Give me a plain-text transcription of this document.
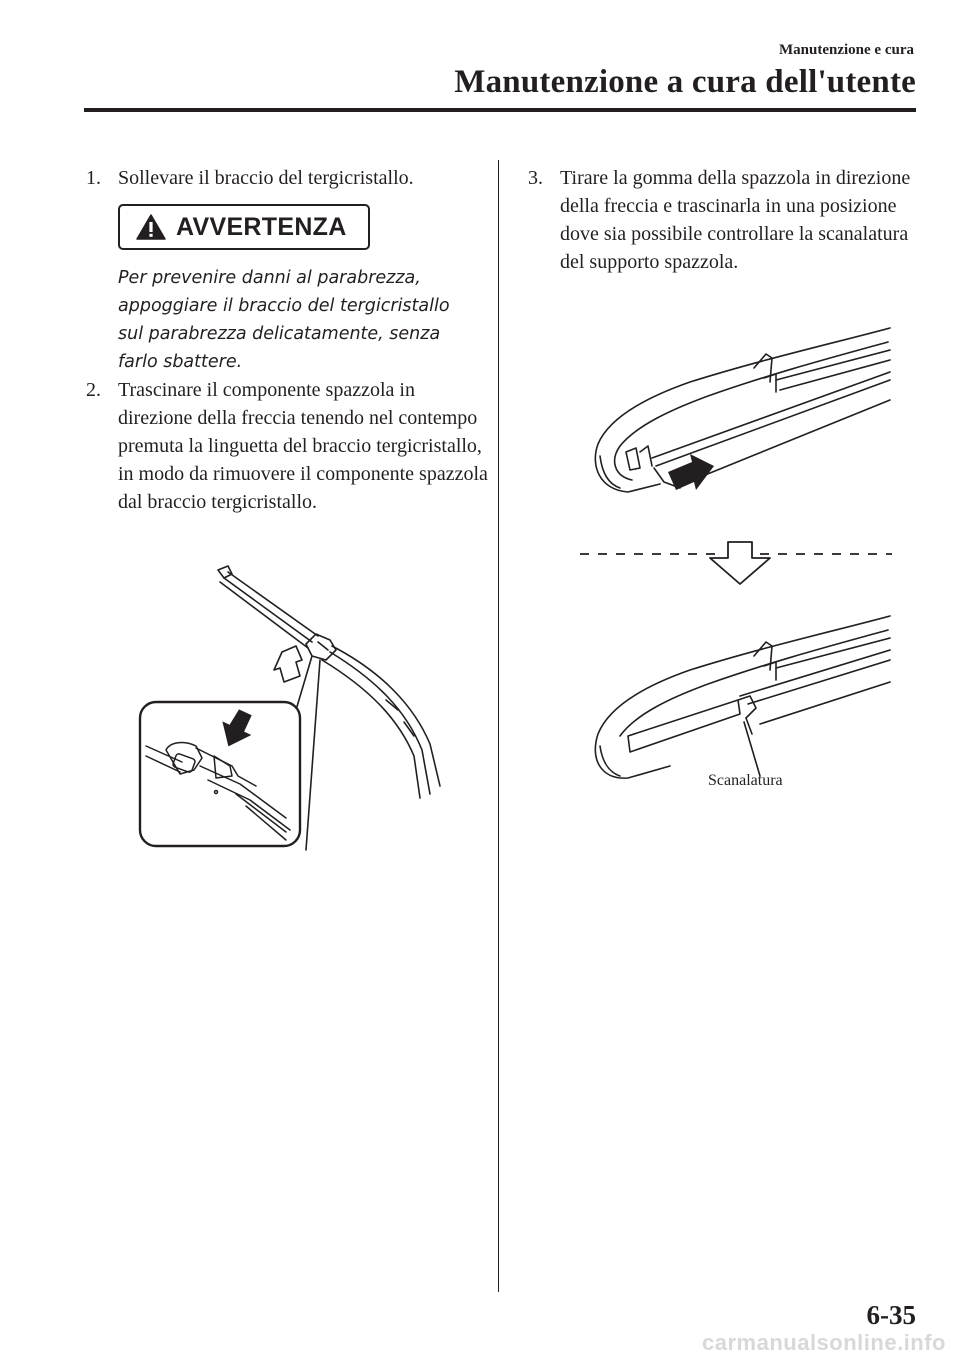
Manutenzione e cura
Manutenzione a cura dell'utente
1. Sollevare il braccio del tergicristallo.
AVVERTENZA
Per prevenire danni al parabrezza, appoggiare il braccio del tergicristallo sul parabrezza delicatamente, senza farlo sbattere.
2. Trascinare il componente spazzola in direzione della freccia tenendo nel contempo premuta la linguetta del braccio tergicristallo, in modo da rimuovere il componente spazzola dal braccio tergicristallo.
3. Tirare la gomma della spazzola in direzione della freccia e trascinarla in una posizione dove sia possibile controllare la scanalatura del supporto spazzola.
Scanalatura
6-35
carmanualsonline.info
